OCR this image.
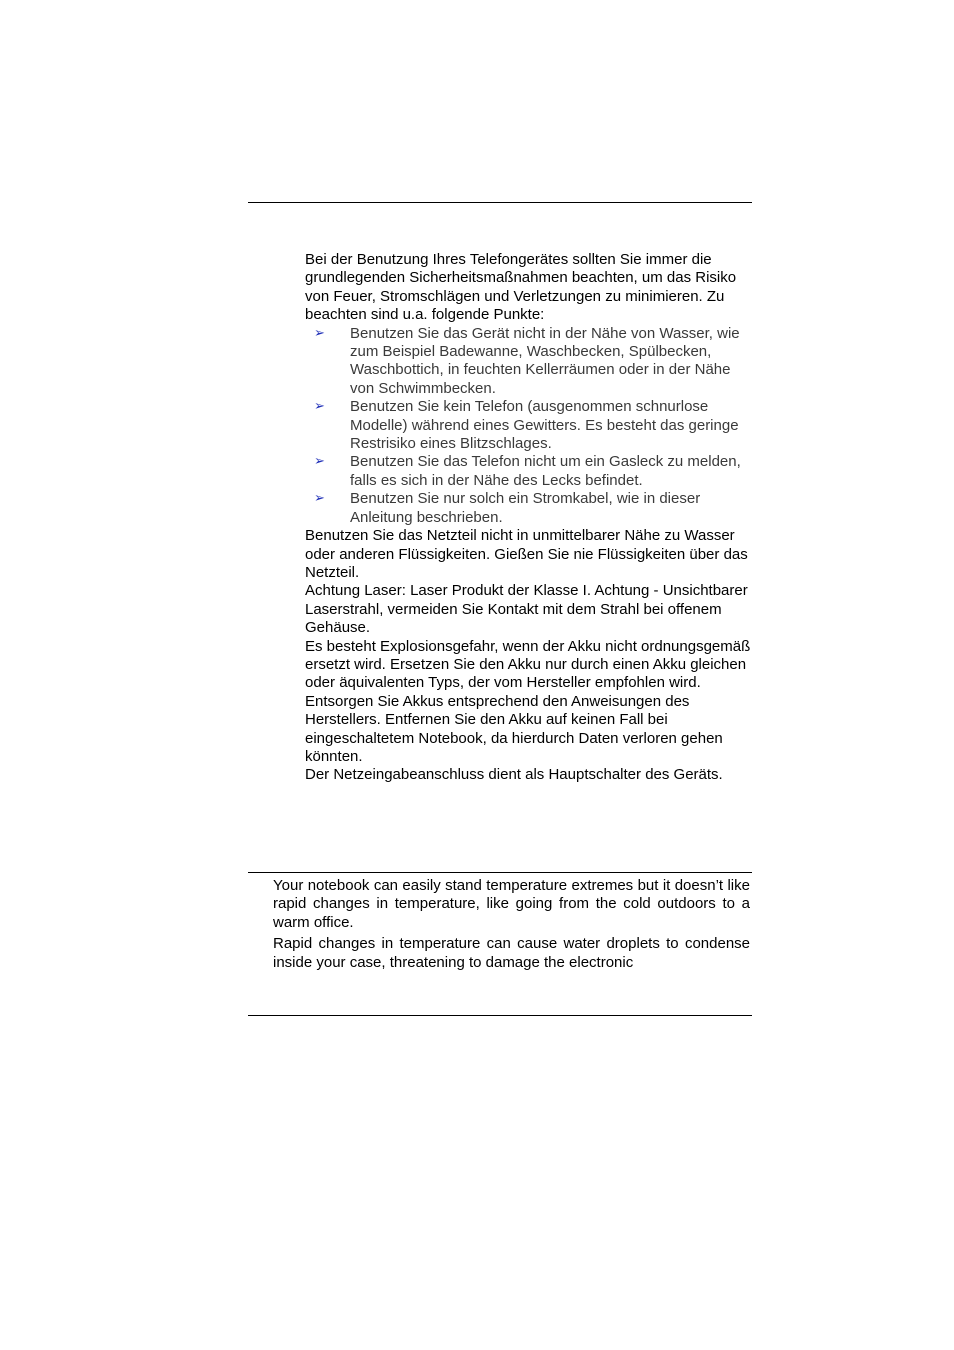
Bei der Benutzung Ihres Telefongerätes sollten Sie immer die grundlegenden Sicherheitsmaßnahmen beachten, um das Risiko von Feuer, Stromschlägen und Verletzungen zu minimieren. Zu beachten sind u.a. folgende Punkte:

➢ Benutzen Sie das Gerät nicht in der Nähe von Wasser, wie zum Beispiel Badewanne, Waschbecken, Spülbecken, Waschbottich, in feuchten Kellerräumen oder in der Nähe von Schwimmbecken.
➢ Benutzen Sie kein Telefon (ausgenommen schnurlose Modelle) während eines Gewitters. Es besteht das geringe Restrisiko eines Blitzschlages.
➢ Benutzen Sie das Telefon nicht um ein Gasleck zu melden, falls es sich in der Nähe des Lecks befindet.
➢ Benutzen Sie nur solch ein Stromkabel, wie in dieser Anleitung beschrieben.

Benutzen Sie das Netzteil nicht in unmittelbarer Nähe zu Wasser oder anderen Flüssigkeiten. Gießen Sie nie Flüssigkeiten über das Netzteil.

Achtung Laser: Laser Produkt der Klasse I. Achtung - Unsichtbarer Laserstrahl, vermeiden Sie Kontakt mit dem Strahl bei offenem Gehäuse.

Es besteht Explosionsgefahr, wenn der Akku nicht ordnungsgemäß ersetzt wird. Ersetzen Sie den Akku nur durch einen Akku gleichen oder äquivalenten Typs, der vom Hersteller empfohlen wird. Entsorgen Sie Akkus entsprechend den Anweisungen des Herstellers. Entfernen Sie den Akku auf keinen Fall bei eingeschaltetem Notebook, da hierdurch Daten verloren gehen könnten.

Der Netzeingabeanschluss dient als Hauptschalter des Geräts.

Your notebook can easily stand temperature extremes but it doesn’t like rapid changes in temperature, like going from the cold outdoors to a warm office.

Rapid changes in temperature can cause water droplets to condense inside your case, threatening to damage the electronic
